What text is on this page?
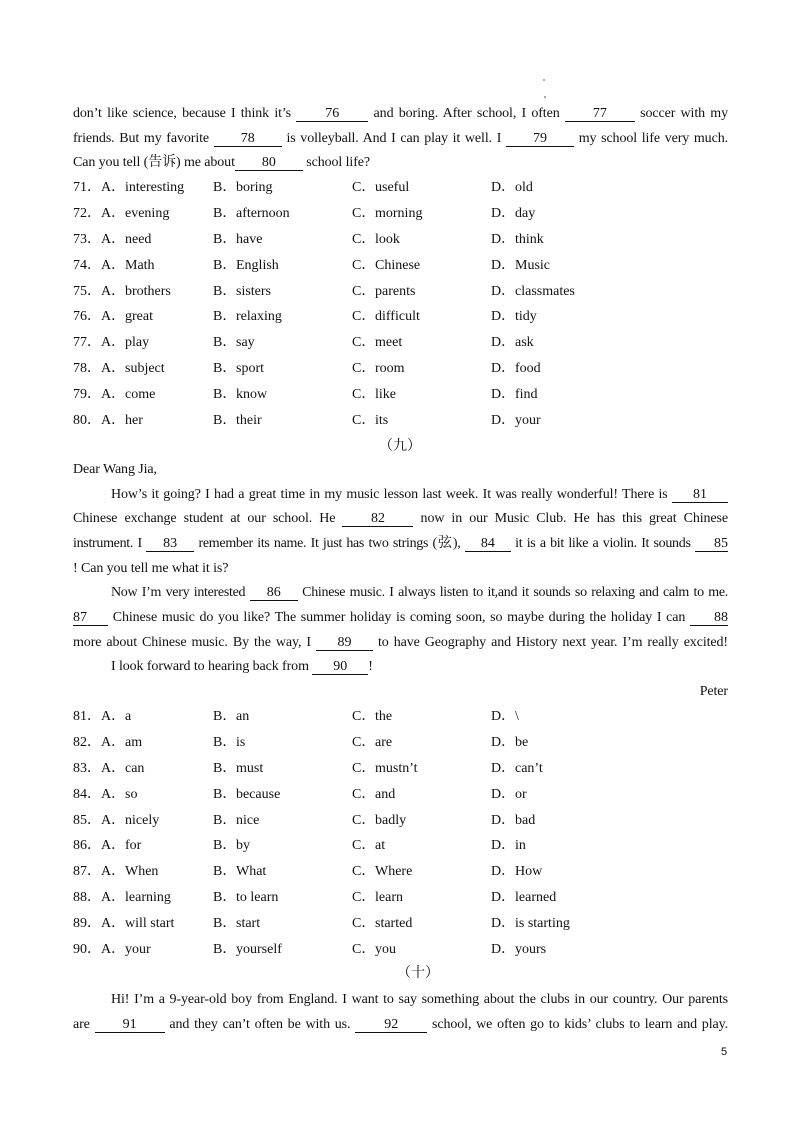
don’t like science, because I think it’s 76 and boring. After school, I often 77 soccer with my
friends. But my favorite 78 is volleyball. And I can play it well. I 79 my school life very much.
Can you tell (告诉) me about 80 school life?
71． A． interesting B． boring	C． useful	D． old
72． A． evening	B． afternoon	C． morning	D． day
73． A． need	B． have	C． look	D． think
74． A． Math	B． English	C． Chinese	D． Music
75． A． brothers	B． sisters	C． parents	D． classmates
76． A． great	B． relaxing	C． difficult	D． tidy
77． A． play	B． say	C． meet	D． ask
78． A． subject	B． sport	C． room	D． food
79． A． come	B． know	C． like	D． find
80． A． her	B． their	C． its	D． your
（九）
Dear Wang Jia,
How’s it going? I had a great time in my music lesson last week. It was really wonderful! There is 81
Chinese exchange student at our school. He 82 now in our Music Club. He has this great Chinese
instrument. I 83 remember its name. It just has two strings (弦), 84 it is a bit like a violin. It sounds 85
! Can you tell me what it is?
Now I’m very interested 86 Chinese music. I always listen to it,and it sounds so relaxing and calm to me.
87 Chinese music do you like? The summer holiday is coming soon, so maybe during the holiday I can 88
more about Chinese music. By the way, I 89 to have Geography and History next year. I’m really excited!
I look forward to hearing back from 90 !
Peter
81． A． a	B． an	C． the	D． \
82． A． am	B． is	C． are	D． be
83． A． can	B． must	C． mustn’t	D． can’t
84． A． so	B． because	C． and	D． or
85． A． nicely	B． nice	C． badly	D． bad
86． A． for	B． by	C． at	D． in
87． A． When	B． What	C． Where	D． How
88． A． learning	B． to learn	C． learn	D． learned
89． A． will start	B． start	C． started	D． is starting
90． A． your	B． yourself	C． you	D． yours
（十）
Hi! I’m a 9-year-old boy from England. I want to say something about the clubs in our country. Our parents
are 91 and they can’t often be with us. 92 school, we often go to kids’ clubs to learn and play.
5
